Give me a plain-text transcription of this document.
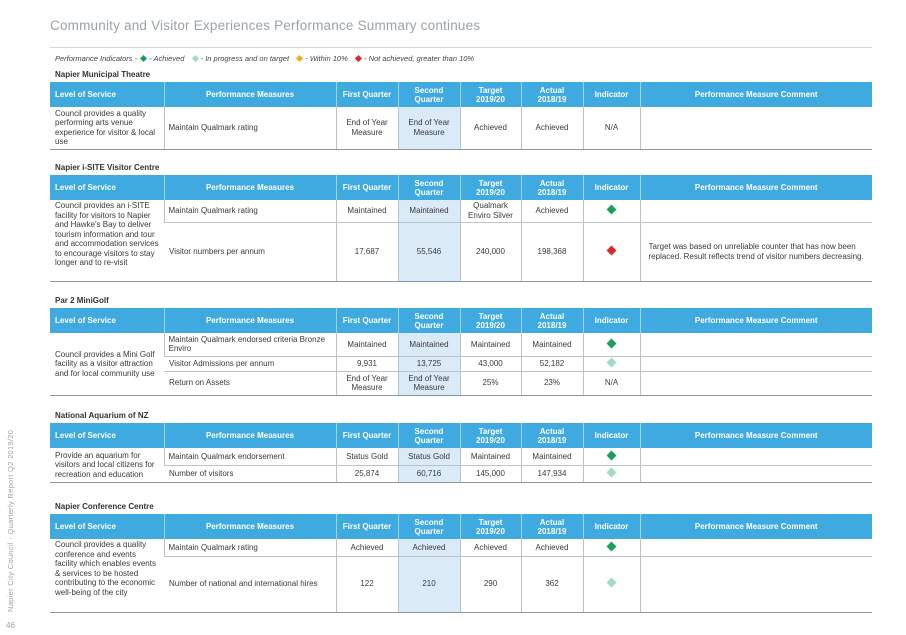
Community and Visitor Experiences Performance Summary continues
Performance Indicators - - Achieved - In progress and on target - Within 10% - Not achieved, greater than 10%
Napier City Council - Quarterly Report Q2 2019/20
46
Napier Municipal Theatre
Level of Service	Performance Measures	First Quarter	Second Quarter	Target 2019/20	Actual 2018/19	Indicator	Performance Measure Comment
Council provides a quality performing arts venue experience for visitor & local use	Maintain Qualmark rating	End of Year Measure	End of Year Measure	Achieved	Achieved	N/A	
Napier i-SITE Visitor Centre
Level of Service	Performance Measures	First Quarter	Second Quarter	Target 2019/20	Actual 2018/19	Indicator	Performance Measure Comment
Council provides an i-SITE facility for visitors to Napier and Hawke's Bay to deliver tourism information and tour and accommodation services to encourage visitors to stay longer and to re-visit	Maintain Qualmark rating	Maintained	Maintained	Qualmark Enviro Silver	Achieved		
	Visitor numbers per annum	17,687	55,546	240,000	198,368		Target was based on unreliable counter that has now been replaced. Result reflects trend of visitor numbers decreasing.
Par 2 MiniGolf
Level of Service	Performance Measures	First Quarter	Second Quarter	Target 2019/20	Actual 2018/19	Indicator	Performance Measure Comment
Council provides a Mini Golf facility as a visitor attraction and for local community use	Maintain Qualmark endorsed criteria Bronze Enviro	Maintained	Maintained	Maintained	Maintained		
	Visitor Admissions per annum	9,931	13,725	43,000	52,182		
	Return on Assets	End of Year Measure	End of Year Measure	25%	23%	N/A	
National Aquarium of NZ
Level of Service	Performance Measures	First Quarter	Second Quarter	Target 2019/20	Actual 2018/19	Indicator	Performance Measure Comment
Provide an aquarium for visitors and local citizens for recreation and education	Maintain Qualmark endorsement	Status Gold	Status Gold	Maintained	Maintained		
	Number of visitors	25,874	60,716	145,000	147,934		
Napier Conference Centre
Level of Service	Performance Measures	First Quarter	Second Quarter	Target 2019/20	Actual 2018/19	Indicator	Performance Measure Comment
Council provides a quality conference and events facility which enables events & services to be hosted contributing to the economic well-being of the city	Maintain Qualmark rating	Achieved	Achieved	Achieved	Achieved		
	Number of national and international hires	122	210	290	362		
